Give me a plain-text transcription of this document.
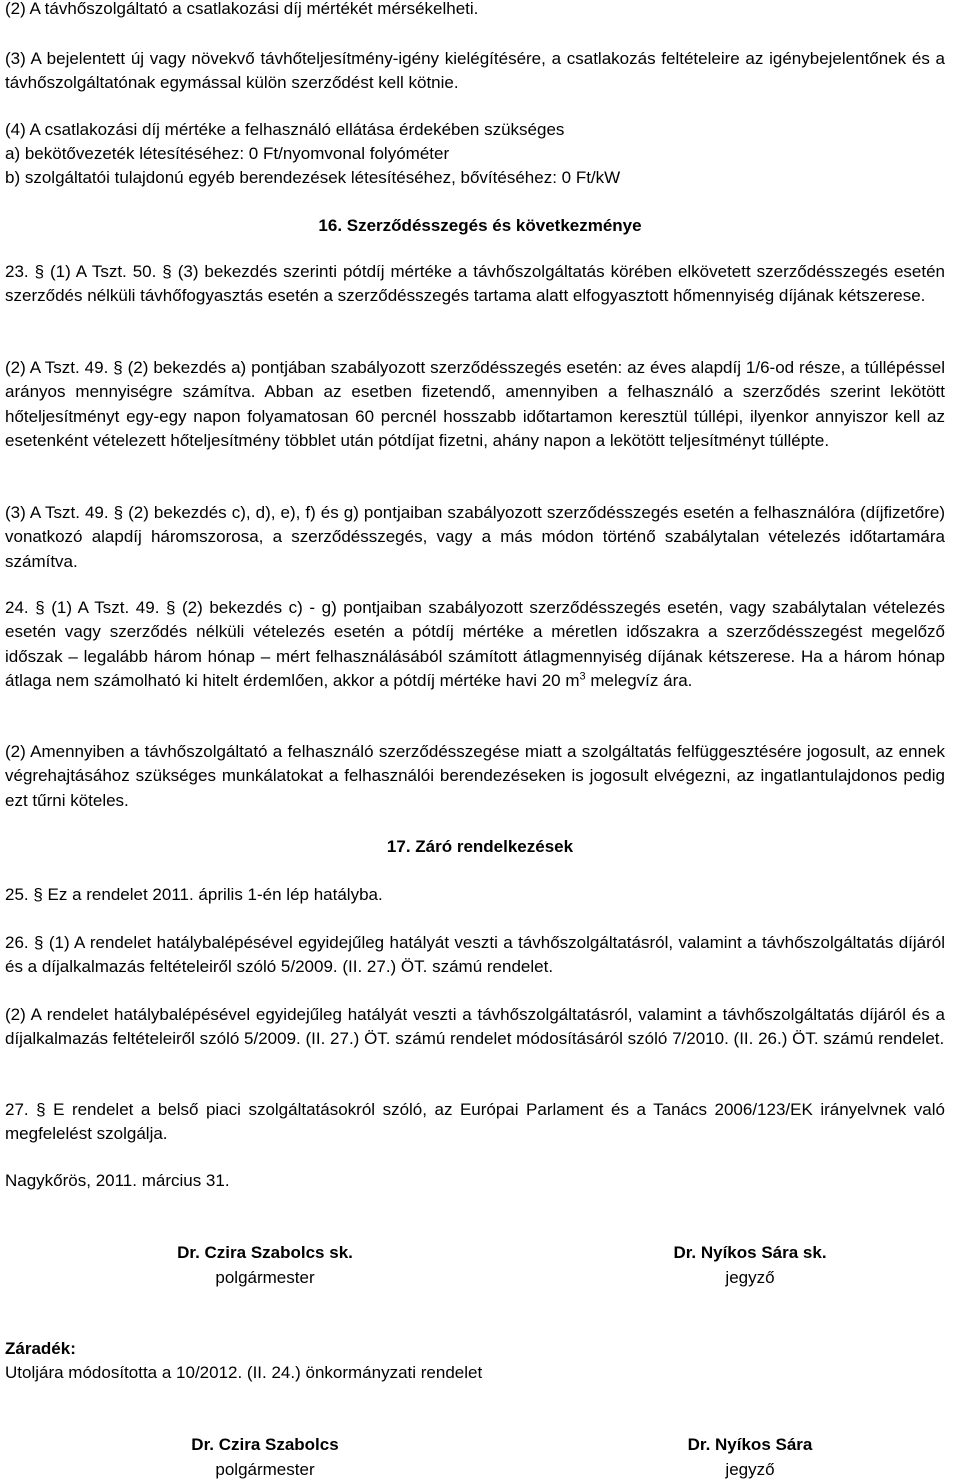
(2) A távhőszolgáltató a csatlakozási díj mértékét mérsékelheti.

(3) A bejelentett új vagy növekvő távhőteljesítmény-igény kielégítésére, a csatlakozás feltételeire az igénybejelentőnek és a távhőszolgáltatónak egymással külön szerződést kell kötnie.

(4) A csatlakozási díj mértéke a felhasználó ellátása érdekében szükséges

a) bekötővezeték létesítéséhez: 0 Ft/nyomvonal folyóméter

b) szolgáltatói tulajdonú egyéb berendezések létesítéséhez, bővítéséhez: 0 Ft/kW

16. Szerződésszegés és következménye

23. § (1) A Tszt. 50. § (3) bekezdés szerinti pótdíj mértéke a távhőszolgáltatás körében elkövetett szerződésszegés esetén szerződés nélküli távhőfogyasztás esetén a szerződésszegés tartama alatt elfogyasztott hőmennyiség díjának kétszerese.

(2) A Tszt. 49. § (2) bekezdés a) pontjában szabályozott szerződésszegés esetén: az éves alapdíj 1/6-od része, a túllépéssel arányos mennyiségre számítva. Abban az esetben fizetendő, amennyiben a felhasználó a szerződés szerint lekötött hőteljesítményt egy-egy napon folyamatosan 60 percnél hosszabb időtartamon keresztül túllépi, ilyenkor annyiszor kell az esetenként vételezett hőteljesítmény többlet után pótdíjat fizetni, ahány napon a lekötött teljesítményt túllépte.

(3) A Tszt. 49. § (2) bekezdés c), d), e), f) és g) pontjaiban szabályozott szerződésszegés esetén a felhasználóra (díjfizetőre) vonatkozó alapdíj háromszorosa, a szerződésszegés, vagy a más módon történő szabálytalan vételezés időtartamára számítva.

24. § (1) A Tszt. 49. § (2) bekezdés c) - g) pontjaiban szabályozott szerződésszegés esetén, vagy szabálytalan vételezés esetén vagy szerződés nélküli vételezés esetén a pótdíj mértéke a méretlen időszakra a szerződésszegést megelőző időszak – legalább három hónap – mért felhasználásából számított átlagmennyiség díjának kétszerese. Ha a három hónap átlaga nem számolható ki hitelt érdemlően, akkor a pótdíj mértéke havi 20 $m^3$ melegvíz ára.

(2) Amennyiben a távhőszolgáltató a felhasználó szerződésszegése miatt a szolgáltatás felfüggesztésére jogosult, az ennek végrehajtásához szükséges munkálatokat a felhasználói berendezéseken is jogosult elvégezni, az ingatlantulajdonos pedig ezt tűrni köteles.

17. Záró rendelkezések

25. § Ez a rendelet 2011. április 1-én lép hatályba.

26. § (1) A rendelet hatálybalépésével egyidejűleg hatályát veszti a távhőszolgáltatásról, valamint a távhőszolgáltatás díjáról és a díjalkalmazás feltételeiről szóló 5/2009. (II. 27.) ÖT. számú rendelet.

(2) A rendelet hatálybalépésével egyidejűleg hatályát veszti a távhőszolgáltatásról, valamint a távhőszolgáltatás díjáról és a díjalkalmazás feltételeiről szóló 5/2009. (II. 27.) ÖT. számú rendelet módosításáról szóló 7/2010. (II. 26.) ÖT. számú rendelet.

27. § E rendelet a belső piaci szolgáltatásokról szóló, az Európai Parlament és a Tanács 2006/123/EK irányelvnek való megfelelést szolgálja.

Nagykőrös, 2011. március 31.

Dr. Czira Szabolcs sk.
polgármester
Dr. Nyíkos Sára sk.
jegyző
Záradék:
Utoljára módosította a 10/2012. (II. 24.) önkormányzati rendelet
Dr. Czira Szabolcs
polgármester
Dr. Nyíkos Sára
jegyző
